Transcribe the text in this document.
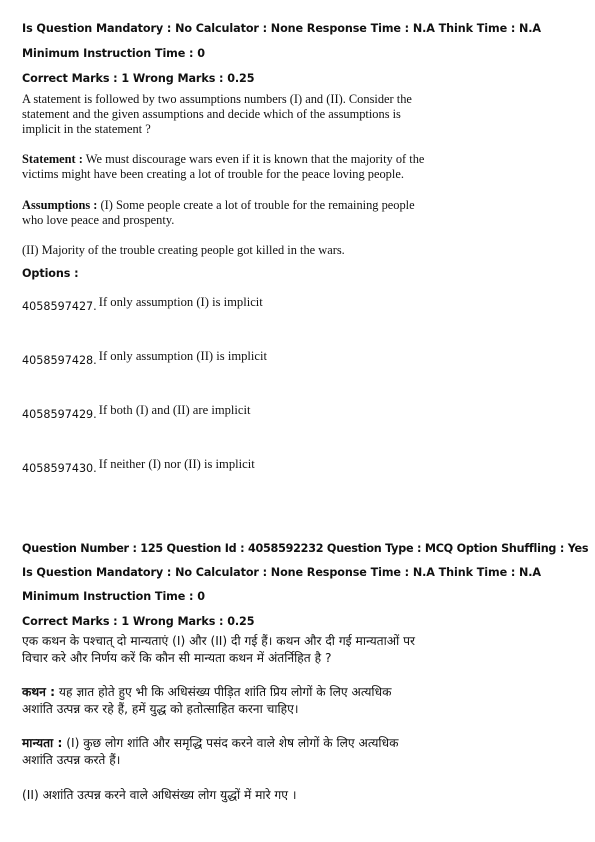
Is Question Mandatory : No Calculator : None Response Time : N.A Think Time : N.A
Minimum Instruction Time : 0
Correct Marks : 1 Wrong Marks : 0.25
A statement is followed by two assumptions numbers (I) and (II). Consider the
statement and the given assumptions and decide which of the assumptions is
implicit in the statement ?
Statement : We must discourage wars even if it is known that the majority of the
victims might have been creating a lot of trouble for the peace loving people.
Assumptions : (I) Some people create a lot of trouble for the remaining people
who love peace and prospenty.
(II) Majority of the trouble creating people got killed in the wars.
Options :
4058597427. $^{If only assumption (I) is implicit}$
4058597428. $^{If only assumption (II) is implicit}$
4058597429. $^{If both (I) and (II) are implicit}$
4058597430. $^{If neither (I) nor (II) is implicit}$
Question Number : 125 Question Id : 4058592232 Question Type : MCQ Option Shuffling : Yes
Is Question Mandatory : No Calculator : None Response Time : N.A Think Time : N.A
Minimum Instruction Time : 0
Correct Marks : 1 Wrong Marks : 0.25
एक कथन के पश्चात् दो मान्यताएं (I) और (II) दी गई हैं। कथन और दी गई मान्यताओं पर
विचार करे और निर्णय करें कि कौन सी मान्यता कथन में अंतर्निहित है ?
कथन : यह ज्ञात होते हुए भी कि अधिसंख्य पीड़ित शांति प्रिय लोगों के लिए अत्यधिक
अशांति उत्पन्न कर रहे हैं, हमें युद्ध को हतोत्साहित करना चाहिए।
मान्यता : (I) कुछ लोग शांति और समृद्धि पसंद करने वाले शेष लोगों के लिए अत्यधिक
अशांति उत्पन्न करते हैं।
(II) अशांति उत्पन्न करने वाले अधिसंख्य लोग युद्धों में मारे गए ।
